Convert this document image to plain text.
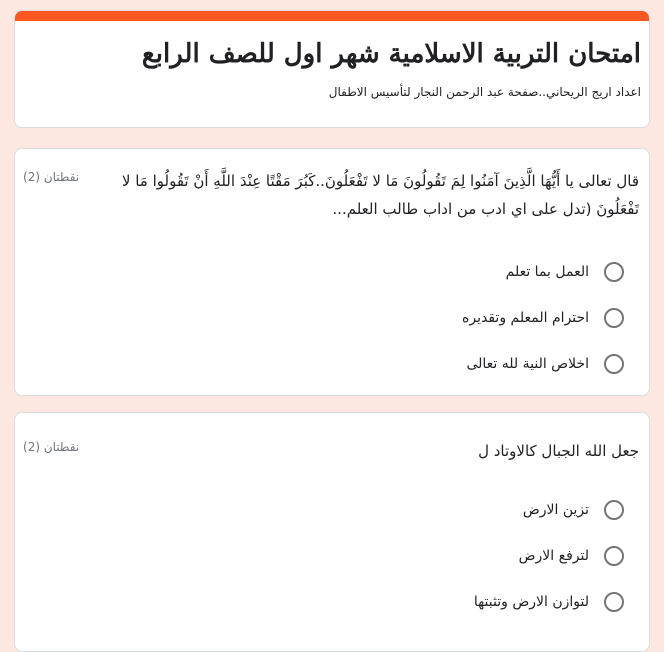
امتحان التربية الاسلامية شهر اول للصف الرابع
اعداد اريج الريحاني..صفحة عبد الرحمن النجار لتأسيس الاطفال
قال تعالى يا أَيُّهَا الَّذِينَ آمَنُوا لِمَ تَقُولُونَ مَا لا تَفْعَلُونَ..كَبُرَ مَقْتًا عِنْدَ اللَّهِ أَنْ تَقُولُوا مَا لا تَفْعَلُونَ (تدل على اي ادب من اداب طالب العلم...
نقطتان (2)
العمل بما تعلم
احترام المعلم وتقديره
اخلاص النية لله تعالى
جعل الله الجبال كالاوتاد ل
نقطتان (2)
تزين الارض
لترفع الارض
لتوازن الارض وتثبتها
